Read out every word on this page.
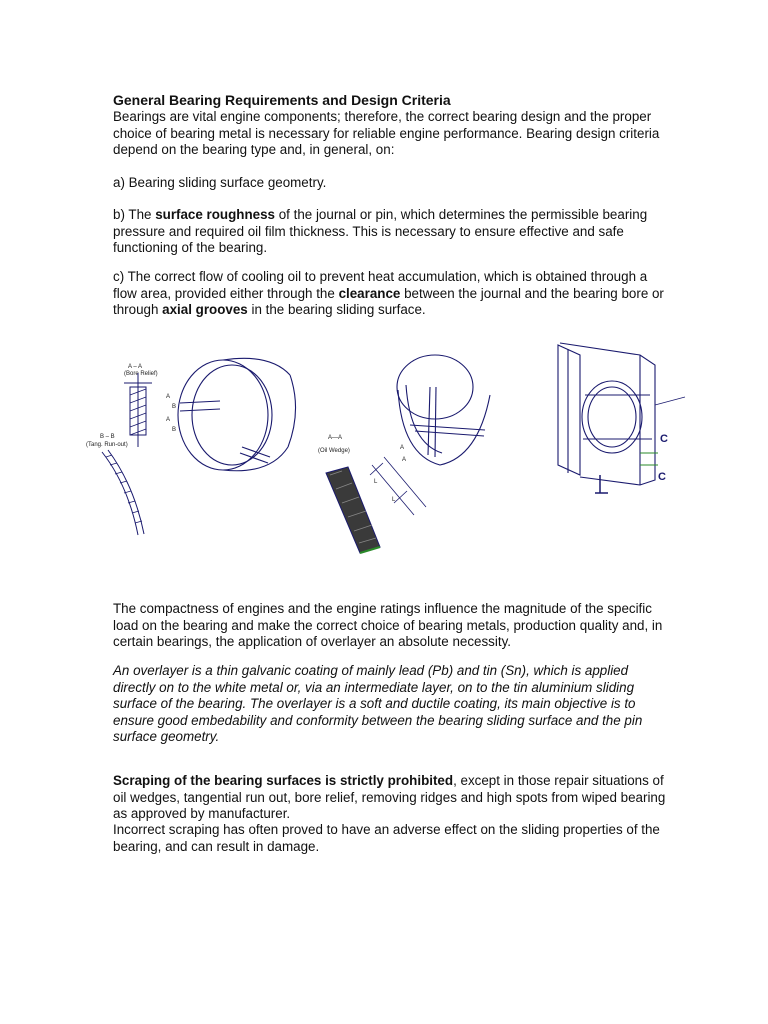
General Bearing Requirements and Design Criteria
Bearings are vital engine components; therefore, the correct bearing design and the proper choice of bearing metal is necessary for reliable engine performance. Bearing design criteria depend on the bearing type and, in general, on:
a) Bearing sliding surface geometry.
b) The surface roughness of the journal or pin, which determines the permissible bearing pressure and required oil film thickness. This is necessary to ensure effective and safe functioning of the bearing.
c) The correct flow of cooling oil to prevent heat accumulation, which is obtained through a flow area, provided either through the clearance between the journal and the bearing bore or through axial grooves in the bearing sliding surface.
A – A
(Bore Relief)
B – B
(Tang. Run-out)
A
B
A
B
A—A
(Oil Wedge)
L
L
A
A
C
C
The compactness of engines and the engine ratings influence the magnitude of the specific load on the bearing and make the correct choice of bearing metals, production quality and, in certain bearings, the application of overlayer an absolute necessity.
An overlayer is a thin galvanic coating of mainly lead (Pb) and tin (Sn), which is applied directly on to the white metal or, via an intermediate layer, on to the tin aluminium sliding surface of the bearing. The overlayer is a soft and ductile coating, its main objective is to ensure good embedability and conformity between the bearing sliding surface and the pin surface geometry.
Scraping of the bearing surfaces is strictly prohibited, except in those repair situations of oil wedges, tangential run out, bore relief, removing ridges and high spots from wiped bearing as approved by manufacturer.
Incorrect scraping has often proved to have an adverse effect on the sliding properties of the bearing, and can result in damage.
